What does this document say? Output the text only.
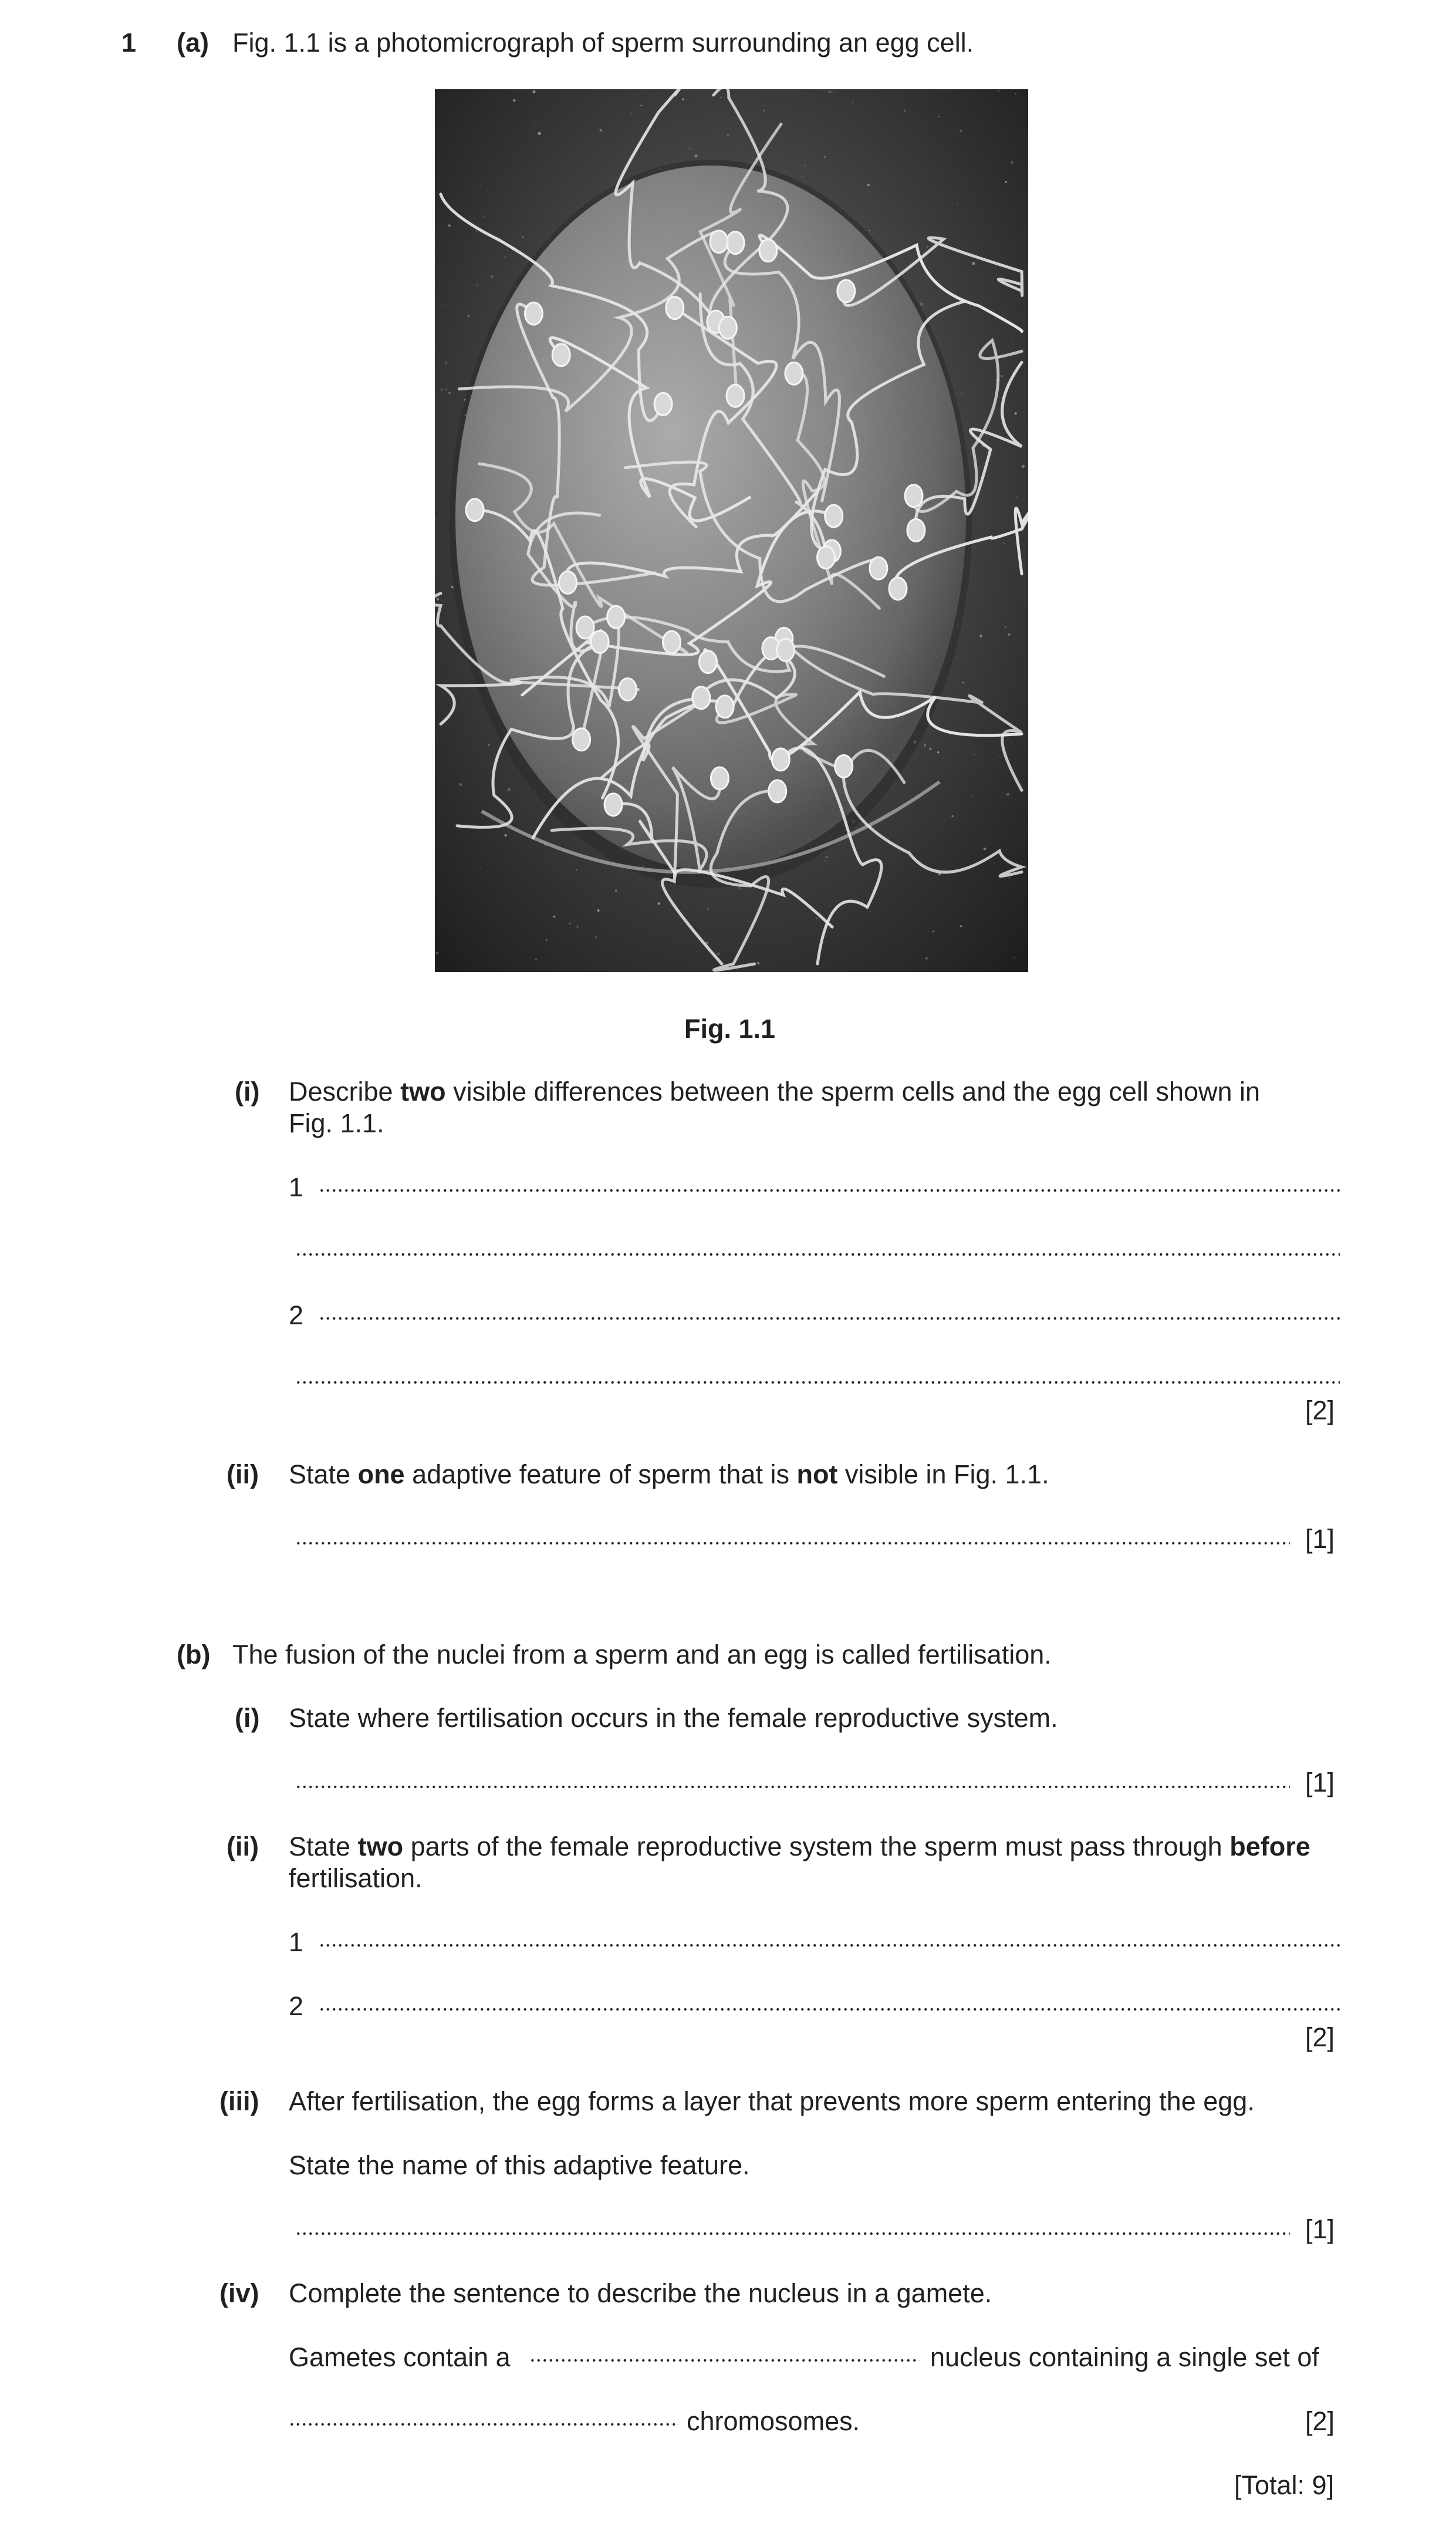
1 (a) Fig. 1.1 is a photomicrograph of sperm surrounding an egg cell.
Fig. 1.1
(i) Describe two visible differences between the sperm cells and the egg cell shown in
Fig. 1.1.
1
2
[2]
(ii) State one adaptive feature of sperm that is not visible in Fig. 1.1.
[1]
(b) The fusion of the nuclei from a sperm and an egg is called fertilisation.
(i) State where fertilisation occurs in the female reproductive system.
[1]
(ii) State two parts of the female reproductive system the sperm must pass through before
fertilisation.
1
2
[2]
(iii) After fertilisation, the egg forms a layer that prevents more sperm entering the egg.
State the name of this adaptive feature.
[1]
(iv) Complete the sentence to describe the nucleus in a gamete.
Gametes contain a	nucleus containing a single set of
chromosomes.	[2]
[Total: 9]
